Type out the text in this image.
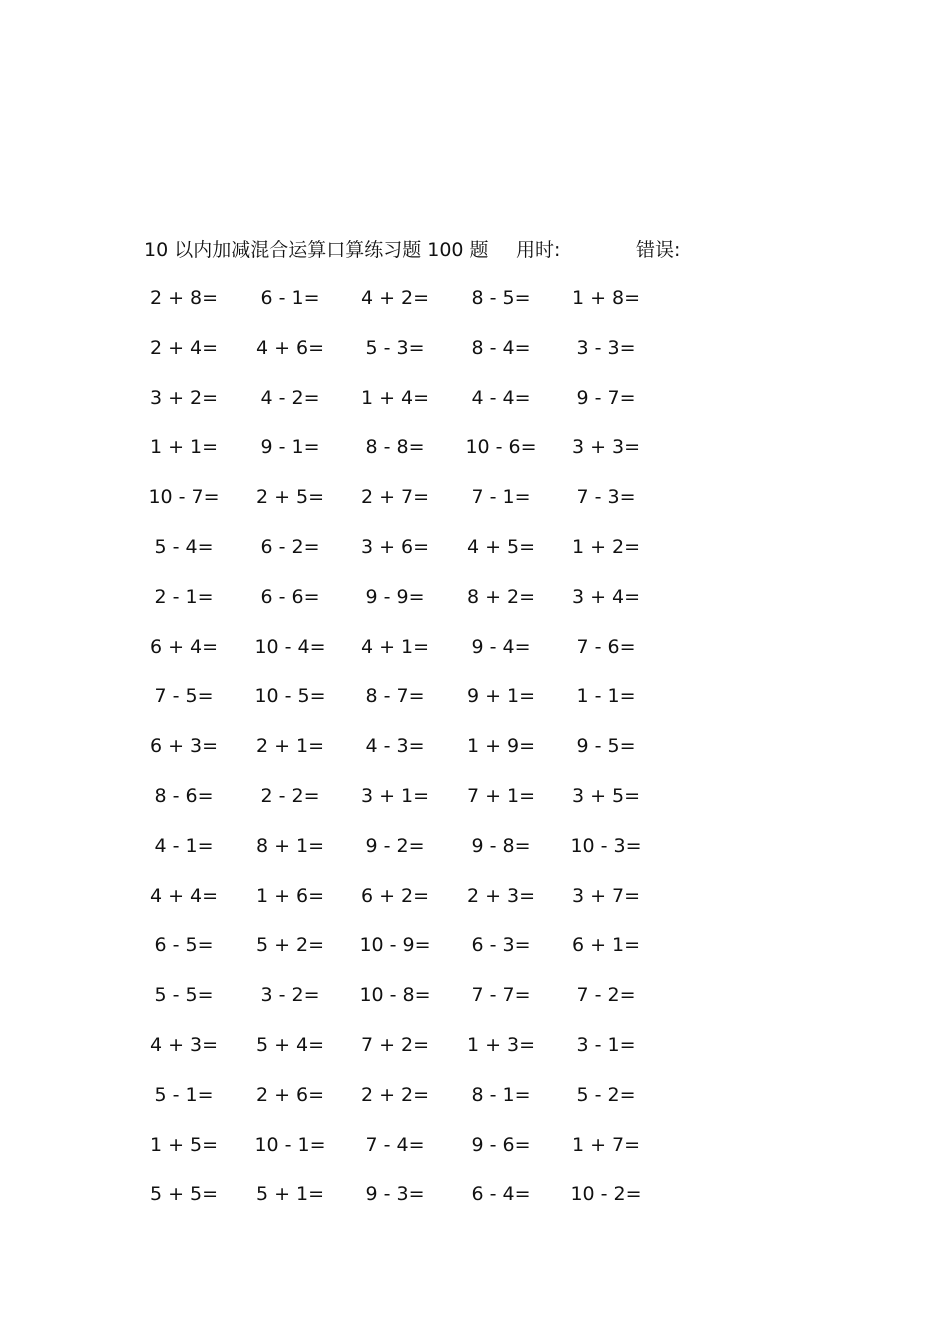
10 以内加减混合运算口算练习题 100 题 用时:	错误:
2 + 8=	6 - 1=	4 + 2=	8 - 5=	1 + 8=
2 + 4=	4 + 6=	5 - 3=	8 - 4=	3 - 3=
3 + 2=	4 - 2=	1 + 4=	4 - 4=	9 - 7=
1 + 1=	9 - 1=	8 - 8=	10 - 6=	3 + 3=
10 - 7=	2 + 5=	2 + 7=	7 - 1=	7 - 3=
5 - 4=	6 - 2=	3 + 6=	4 + 5=	1 + 2=
2 - 1=	6 - 6=	9 - 9=	8 + 2=	3 + 4=
6 + 4=	10 - 4=	4 + 1=	9 - 4=	7 - 6=
7 - 5=	10 - 5=	8 - 7=	9 + 1=	1 - 1=
6 + 3=	2 + 1=	4 - 3=	1 + 9=	9 - 5=
8 - 6=	2 - 2=	3 + 1=	7 + 1=	3 + 5=
4 - 1=	8 + 1=	9 - 2=	9 - 8=	10 - 3=
4 + 4=	1 + 6=	6 + 2=	2 + 3=	3 + 7=
6 - 5=	5 + 2=	10 - 9=	6 - 3=	6 + 1=
5 - 5=	3 - 2=	10 - 8=	7 - 7=	7 - 2=
4 + 3=	5 + 4=	7 + 2=	1 + 3=	3 - 1=
5 - 1=	2 + 6=	2 + 2=	8 - 1=	5 - 2=
1 + 5=	10 - 1=	7 - 4=	9 - 6=	1 + 7=
5 + 5=	5 + 1=	9 - 3=	6 - 4=	10 - 2=
